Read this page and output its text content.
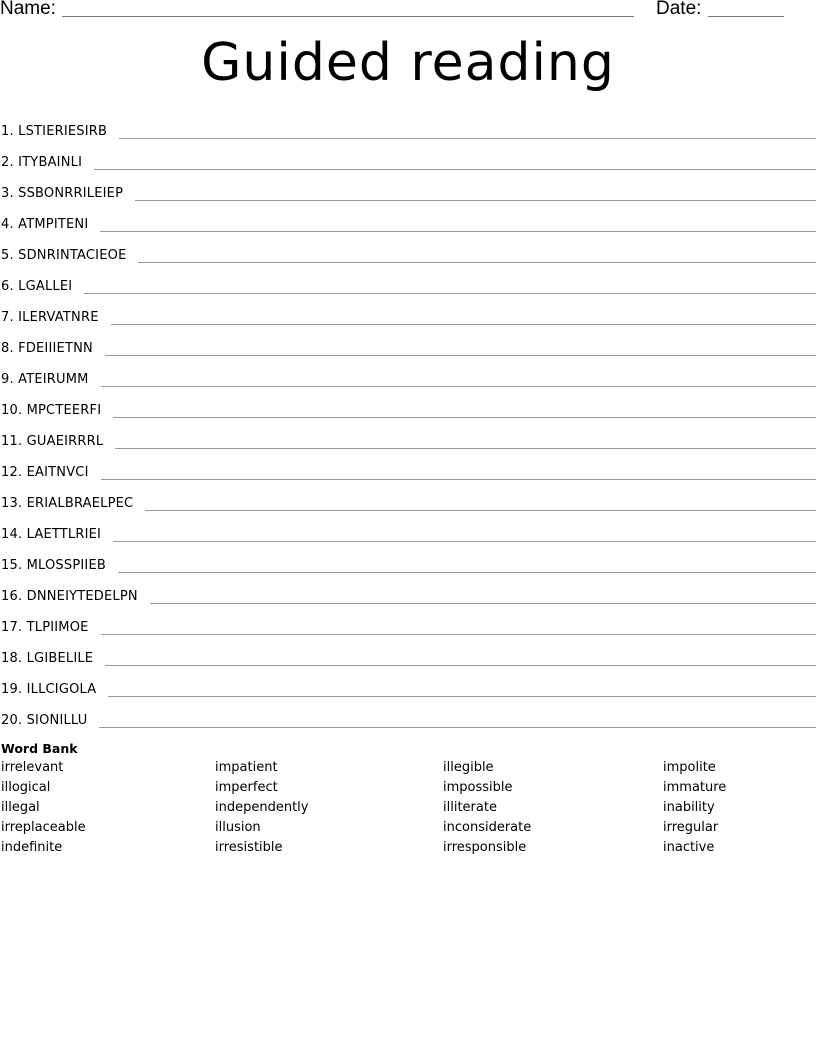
Name:	Date:
Guided reading
1. LSTIERIESIRB
2. ITYBAINLI
3. SSBONRRILEIEP
4. ATMPITENI
5. SDNRINTACIEOE
6. LGALLEI
7. ILERVATNRE
8. FDEIIIETNN
9. ATEIRUMM
10. MPCTEERFI
11. GUAEIRRRL
12. EAITNVCI
13. ERIALBRAELPEC
14. LAETTLRIEI
15. MLOSSPIIEB
16. DNNEIYTEDELPN
17. TLPIIMOE
18. LGIBELILE
19. ILLCIGOLA
20. SIONILLU
Word Bank
irrelevant
illogical
illegal
irreplaceable
indefinite
impatient
imperfect
independently
illusion
irresistible
illegible
impossible
illiterate
inconsiderate
irresponsible
impolite
immature
inability
irregular
inactive
